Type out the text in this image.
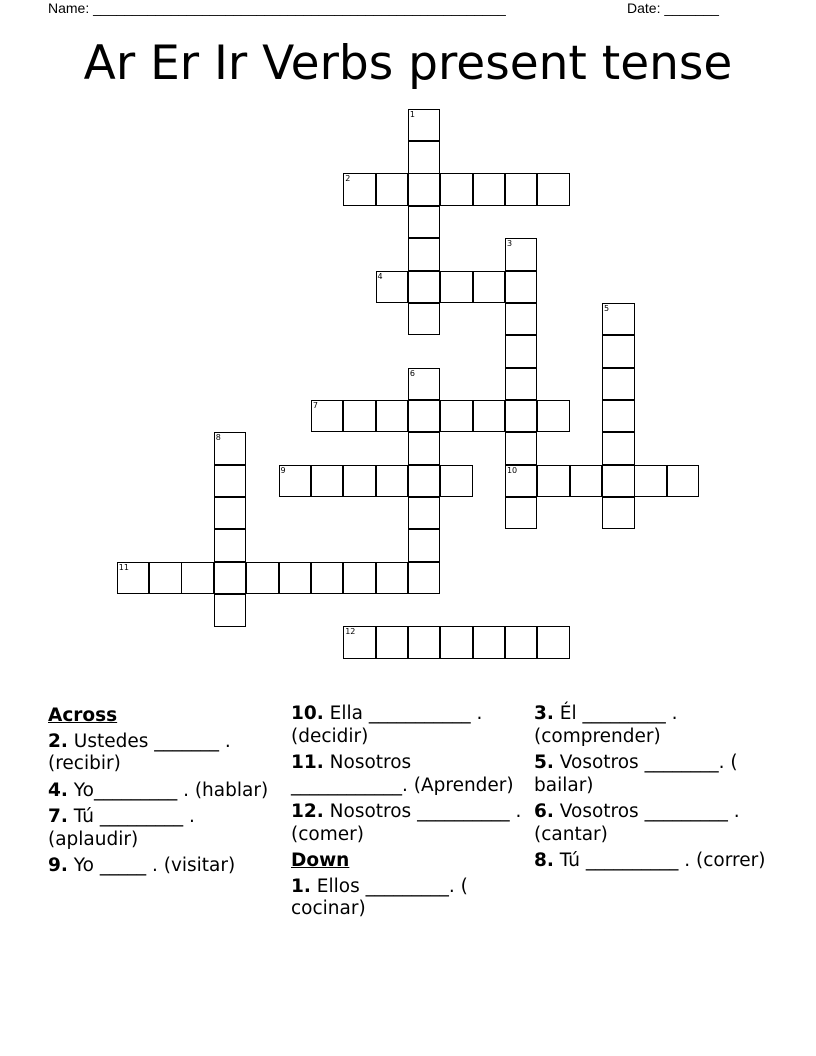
Name: _____________________________________________________	Date: _______
Ar Er Ir Verbs present tense
1
2
3
10
4
5
6
7
8
9
11
12
Across
2. Ustedes _______ . (recibir)
4. Yo_________ . (hablar)
7. Tú _________ . (aplaudir)
9. Yo _____ . (visitar)
10. Ella ___________ . (decidir)
11. Nosotros ____________. (Aprender)
12. Nosotros __________ . (comer)
Down
1. Ellos _________. ( cocinar)
3. Él _________ . (comprender)
5. Vosotros ________. ( bailar)
6. Vosotros _________ . (cantar)
8. Tú __________ . (correr)
